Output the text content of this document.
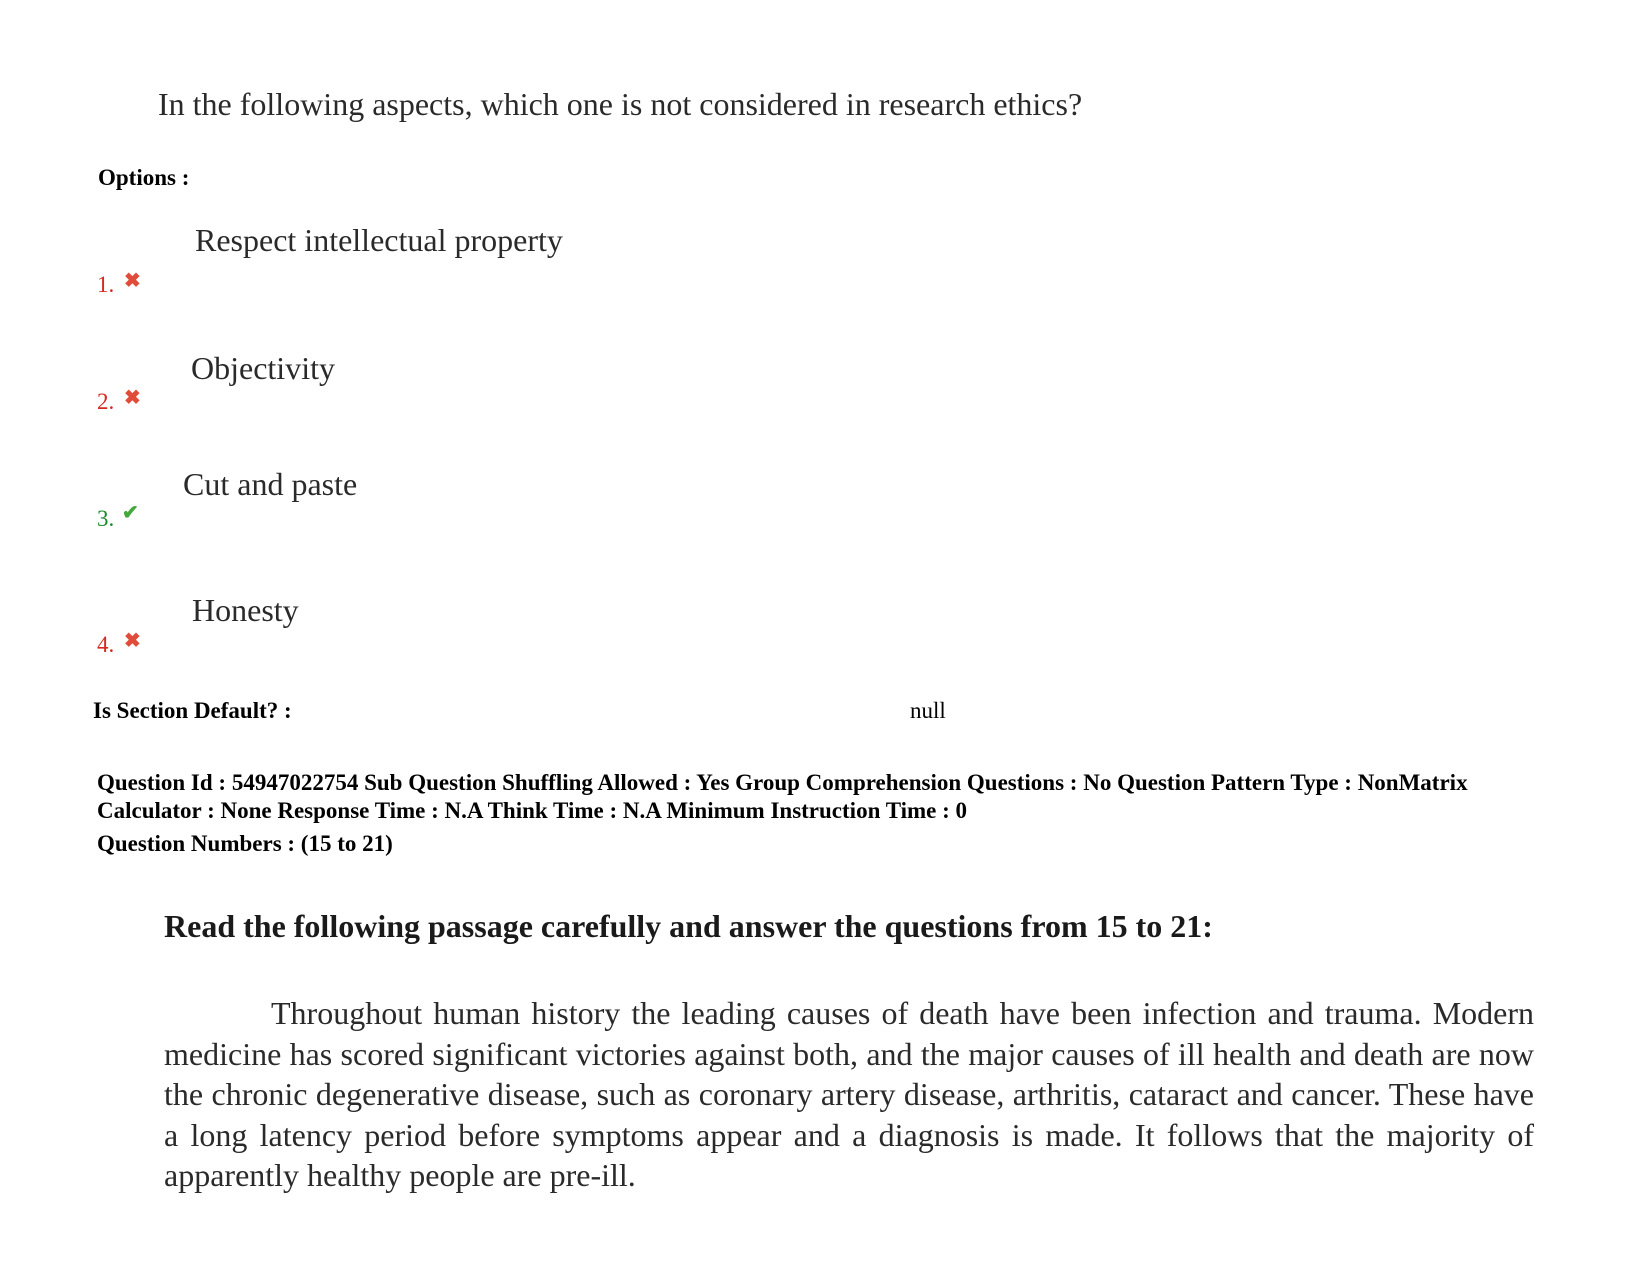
In the following aspects, which one is not considered in research ethics?
Options :
Respect intellectual property
1. ✖
Objectivity
2. ✖
Cut and paste
3. ✔
Honesty
4. ✖
Is Section Default? :	null
Question Id : 54947022754 Sub Question Shuffling Allowed : Yes Group Comprehension Questions : No Question Pattern Type : NonMatrix
Calculator : None Response Time : N.A Think Time : N.A Minimum Instruction Time : 0
Question Numbers : (15 to 21)
Read the following passage carefully and answer the questions from 15 to 21:
Throughout human history the leading causes of death have been infection and trauma. Modern medicine has scored significant victories against both, and the major causes of ill health and death are now the chronic degenerative disease, such as coronary artery disease, arthritis, cataract and cancer. These have a long latency period before symptoms appear and a diagnosis is made. It follows that the majority of apparently healthy people are pre-ill.
